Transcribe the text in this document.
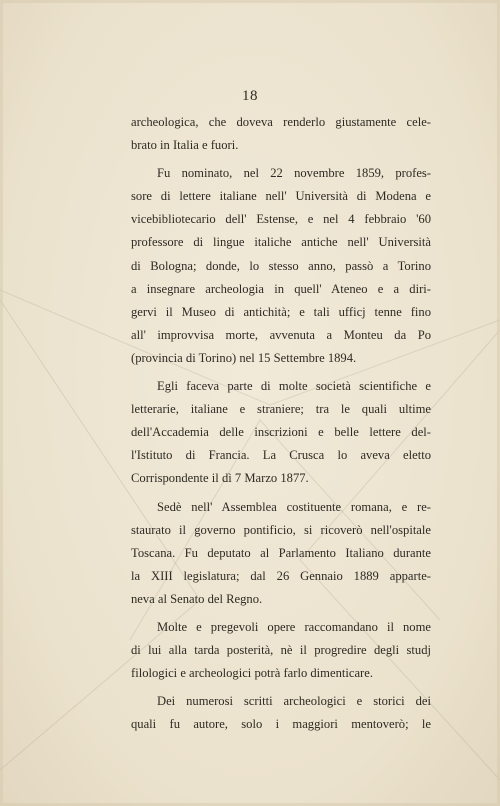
18
archeologica, che doveva renderlo giustamente cele-
brato in Italia e fuori.
Fu nominato, nel 22 novembre 1859, profes-
sore di lettere italiane nell' Università di Modena e
vicebibliotecario dell' Estense, e nel 4 febbraio '60
professore di lingue italiche antiche nell' Università
di Bologna; donde, lo stesso anno, passò a Torino
a insegnare archeologia in quell' Ateneo e a diri-
gervi il Museo di antichità; e tali ufficj tenne fino
all' improvvisa morte, avvenuta a Monteu da Po
(provincia di Torino) nel 15 Settembre 1894.
Egli faceva parte di molte società scientifiche e
letterarie, italiane e straniere; tra le quali ultime
dell'Accademia delle inscrizioni e belle lettere del-
l'Istituto di Francia. La Crusca lo aveva eletto
Corrispondente il dì 7 Marzo 1877.
Sedè nell' Assemblea costituente romana, e re-
staurato il governo pontificio, si ricoverò nell'ospitale
Toscana. Fu deputato al Parlamento Italiano durante
la XIII legislatura; dal 26 Gennaio 1889 apparte-
neva al Senato del Regno.
Molte e pregevoli opere raccomandano il nome
di lui alla tarda posterità, nè il progredire degli studj
filologici e archeologici potrà farlo dimenticare.
Dei numerosi scritti archeologici e storici dei
quali fu autore, solo i maggiori mentoverò; le
